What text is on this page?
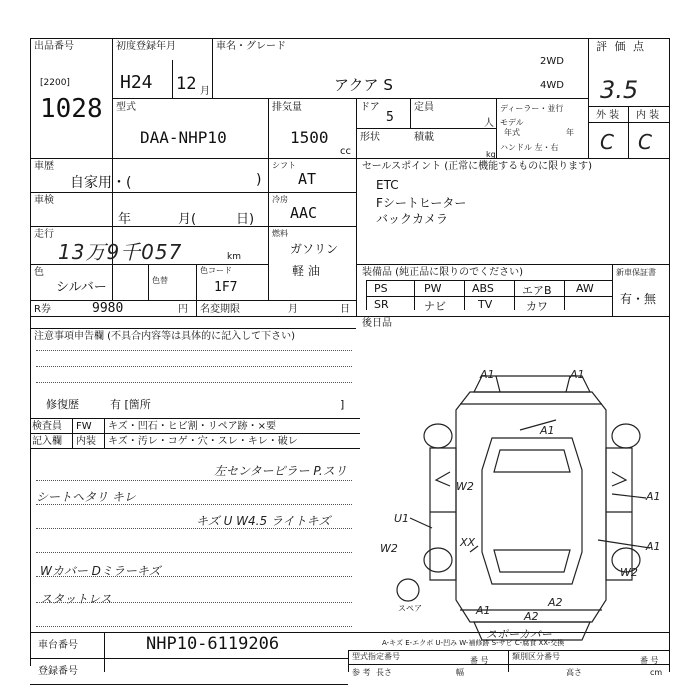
出品番号
[2200]
1028
初度登録年月
H24 12 月
車名・グレード
アクア S
2WD
4WD
評 価 点
3.5
外 装 内 装
C C
型式
DAA-NHP10
排気量
1500
cc
ドア
5
形状
定員
人
積載
kg
ディーラー・並行
モデル
年式	年
ハンドル 左・右
車歴
自家用・(	)
シフト
AT
車検
年	月(	日)
冷房
AAC
走行
13万9千057	km
燃料
ガソリン
軽 油
色
シルバー	色替
色コード
1F7
R券	9980	円 名変期限	月	日
セールスポイント (正常に機能するものに限ります)
ETC
Fシートヒーター
バックカメラ
装備品 (純正品に限りのでください)
PS	PW	ABS	エアB AW
SR	ナビ	TV	カワ
新車保証書
有・無
後日品
注意事項申告欄 (不具合内容等は具体的に記入して下さい)
修復歴	有 [箇所	]
検査員 FW キズ・凹石・ヒビ割・リペア跡・×要
記入欄 内装 キズ・汚レ・コゲ・穴・スレ・キレ・破レ
左センターピラー P.スリ
シートヘタリ キレ
キズ U W4.5 ライトキズ
Wカバー Dミラーキズ
スタットレス
A1	A1
A1
A1
W2
U1
W2	XX
W2
A1
A2
A2
A1
スポーカバー
スペア
A-キズ E-エクボ U-凹み W-補修跡 S-サビ C-腐食 XX-交換
車台番号	NHP10-6119206
登録番号
型式指定番号	番 号	類別区分番号	番 号
参 考 長さ	幅	高さ	cm
